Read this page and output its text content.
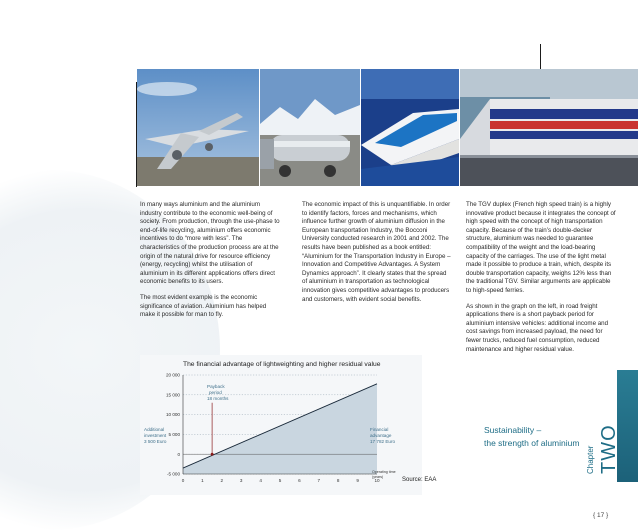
In many ways aluminium and the aluminium industry contribute to the economic well-being of society. From production, through the use-phase to end-of-life recycling, aluminium offers economic incentives to do “more with less”. The characteristics of the production process are at the origin of the natural drive for resource efficiency (energy, recycling) whilst the utilisation of aluminium in its different applications offers direct economic benefits to its users.

The most evident example is the economic significance of aviation. Aluminium has helped make it possible for man to fly.

The economic impact of this is unquantifiable. In order to identify factors, forces and mechanisms, which influence further growth of aluminium diffusion in the European transportation Industry, the Bocconi University conducted research in 2001 and 2002. The results have been published as a book entitled: “Aluminium for the Transportation Industry in Europe – Innovation and Competitive Advantages. A System Dynamics approach”. It clearly states that the spread of aluminium in transportation as technological innovation gives competitive advantages to producers and customers, with evident social benefits.

The TGV duplex (French high speed train) is a highly innovative product because it integrates the concept of high speed with the concept of high transportation capacity. Because of the train’s double-decker structure, aluminium was needed to guarantee compatibility of the weight and the load-bearing capacity of the carriages. The use of the light metal made it possible to produce a train, which, despite its double transportation capacity, weighs 12% less than the traditional TGV. Similar arguments are applicable to high-speed ferries.

As shown in the graph on the left, in road freight applications there is a short payback period for aluminium intensive vehicles: additional income and cost savings from increased payload, the need for fewer trucks, reduced fuel consumption, reduced maintenance and higher residual value.

The financial advantage of lightweighting and higher residual value
20 000
15 000
10 000
5 000
0
-5 000
0	1	2	3	4	5	6	7	8	9	10
Payback
period
18 months
Additional
investment
3 500 Euro
Financial
advantage
17 782 Euro
Operating time
(years)	Source: EAA
Sustainability –
the strength of aluminium
Chapter TWO
{ 17 }
